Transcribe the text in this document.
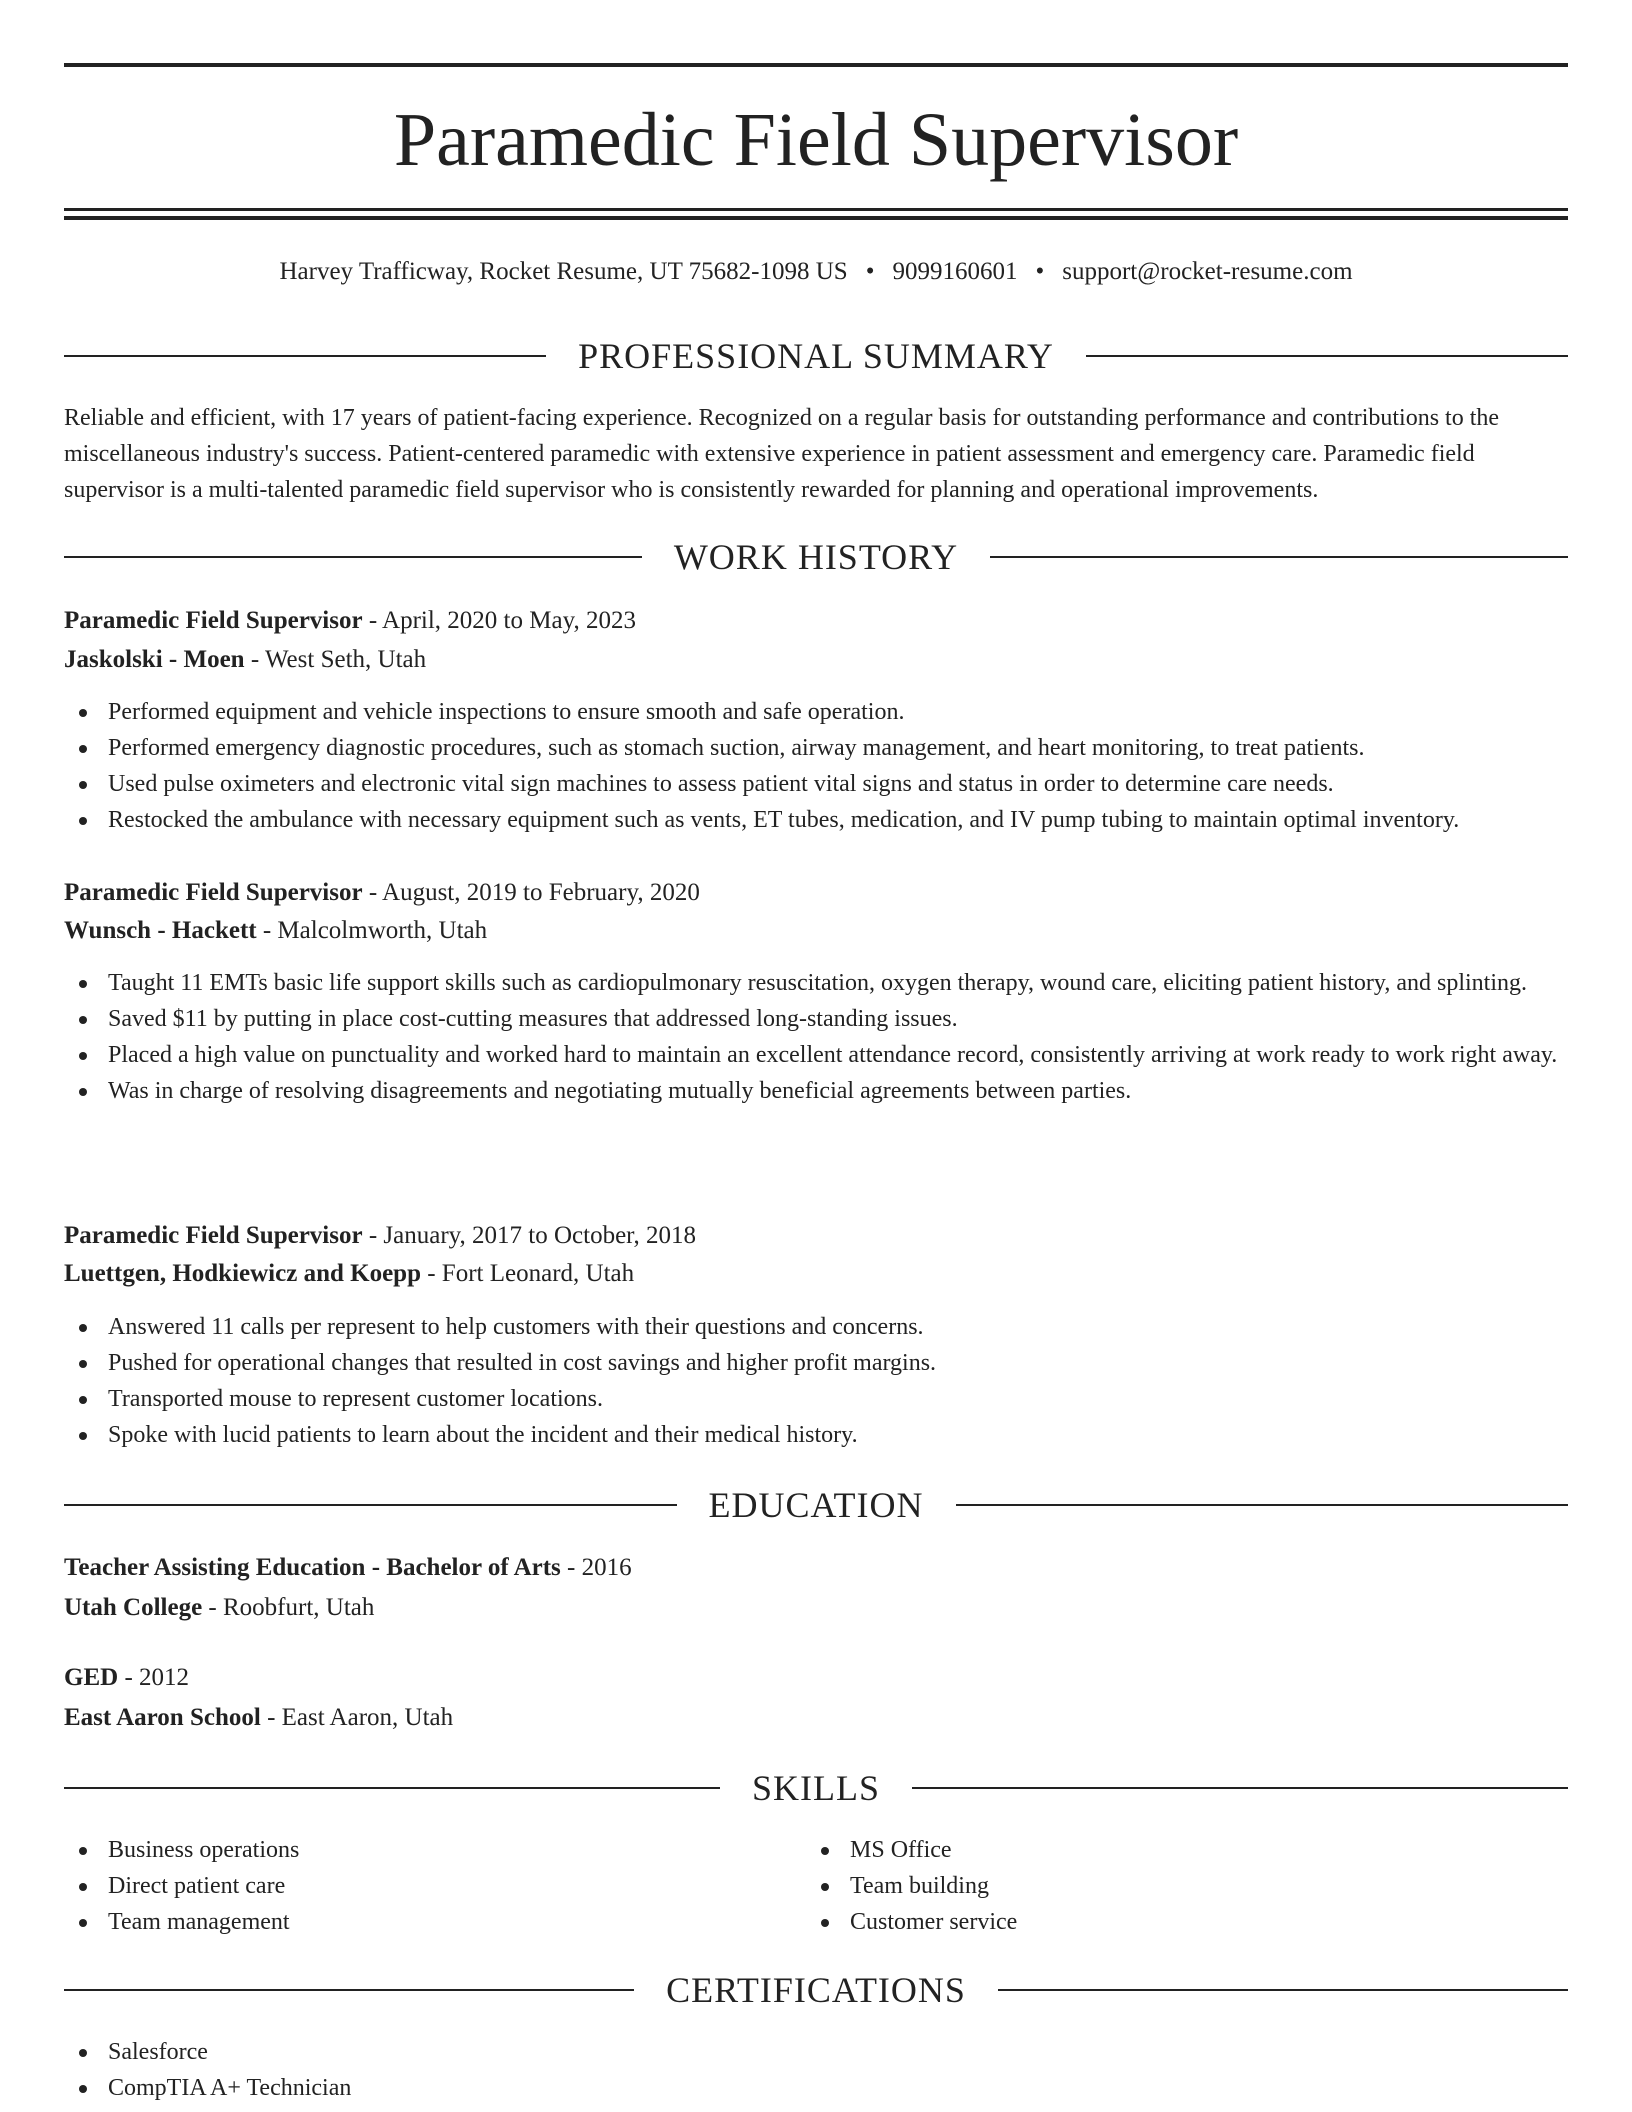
Paramedic Field Supervisor
Harvey Trafficway, Rocket Resume, UT 75682-1098 US • 9099160601 • support@rocket-resume.com
PROFESSIONAL SUMMARY

Reliable and efficient, with 17 years of patient-facing experience. Recognized on a regular basis for outstanding performance and contributions to the miscellaneous industry's success. Patient-centered paramedic with extensive experience in patient assessment and emergency care. Paramedic field supervisor is a multi-talented paramedic field supervisor who is consistently rewarded for planning and operational improvements.

WORK HISTORY
Paramedic Field Supervisor - April, 2020 to May, 2023
Jaskolski - Moen - West Seth, Utah
Performed equipment and vehicle inspections to ensure smooth and safe operation.
Performed emergency diagnostic procedures, such as stomach suction, airway management, and heart monitoring, to treat patients.
Used pulse oximeters and electronic vital sign machines to assess patient vital signs and status in order to determine care needs.
Restocked the ambulance with necessary equipment such as vents, ET tubes, medication, and IV pump tubing to maintain optimal inventory.
Paramedic Field Supervisor - August, 2019 to February, 2020
Wunsch - Hackett - Malcolmworth, Utah
Taught 11 EMTs basic life support skills such as cardiopulmonary resuscitation, oxygen therapy, wound care, eliciting patient history, and splinting.
Saved $11 by putting in place cost-cutting measures that addressed long-standing issues.
Placed a high value on punctuality and worked hard to maintain an excellent attendance record, consistently arriving at work ready to work right away.
Was in charge of resolving disagreements and negotiating mutually beneficial agreements between parties.
Paramedic Field Supervisor - January, 2017 to October, 2018
Luettgen, Hodkiewicz and Koepp - Fort Leonard, Utah
Answered 11 calls per represent to help customers with their questions and concerns.
Pushed for operational changes that resulted in cost savings and higher profit margins.
Transported mouse to represent customer locations.
Spoke with lucid patients to learn about the incident and their medical history.
EDUCATION
Teacher Assisting Education - Bachelor of Arts - 2016
Utah College - Roobfurt, Utah
GED - 2012
East Aaron School - East Aaron, Utah
SKILLS
Business operations
Direct patient care
Team management
MS Office
Team building
Customer service
CERTIFICATIONS
Salesforce
CompTIA A+ Technician
